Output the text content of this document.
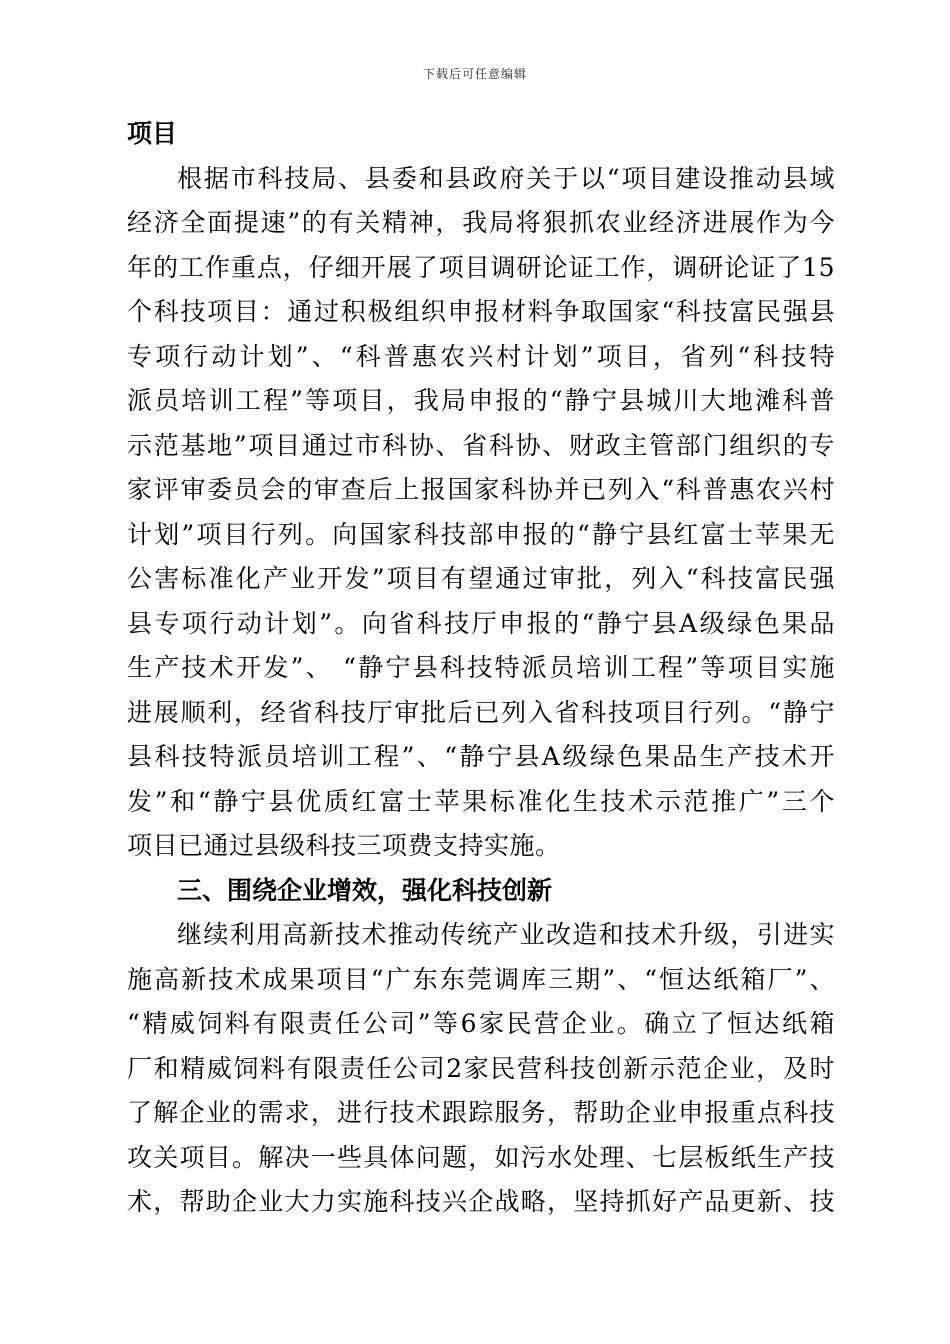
下载后可任意编辑
项目
根据市科技局、县委和县政府关于以“项目建设推动县域
经济全面提速”的有关精神，我局将狠抓农业经济进展作为今
年的工作重点，仔细开展了项目调研论证工作，调研论证了15
个科技项目：通过积极组织申报材料争取国家“科技富民强县
专项行动计划”、“科普惠农兴村计划”项目，省列“科技特
派员培训工程”等项目，我局申报的“静宁县城川大地滩科普
示范基地”项目通过市科协、省科协、财政主管部门组织的专
家评审委员会的审查后上报国家科协并已列入“科普惠农兴村
计划”项目行列。向国家科技部申报的“静宁县红富士苹果无
公害标准化产业开发”项目有望通过审批，列入“科技富民强
县专项行动计划”。向省科技厅申报的“静宁县A级绿色果品
生产技术开发”、 “静宁县科技特派员培训工程”等项目实施
进展顺利，经省科技厅审批后已列入省科技项目行列。“静宁
县科技特派员培训工程”、“静宁县A级绿色果品生产技术开
发”和“静宁县优质红富士苹果标准化生技术示范推广”三个
项目已通过县级科技三项费支持实施。
三、围绕企业增效，强化科技创新
继续利用高新技术推动传统产业改造和技术升级，引进实
施高新技术成果项目“广东东莞调库三期”、“恒达纸箱厂”、
“精威饲料有限责任公司”等6家民营企业。确立了恒达纸箱
厂和精威饲料有限责任公司2家民营科技创新示范企业，及时
了解企业的需求，进行技术跟踪服务，帮助企业申报重点科技
攻关项目。解决一些具体问题，如污水处理、七层板纸生产技
术，帮助企业大力实施科技兴企战略，坚持抓好产品更新、技
